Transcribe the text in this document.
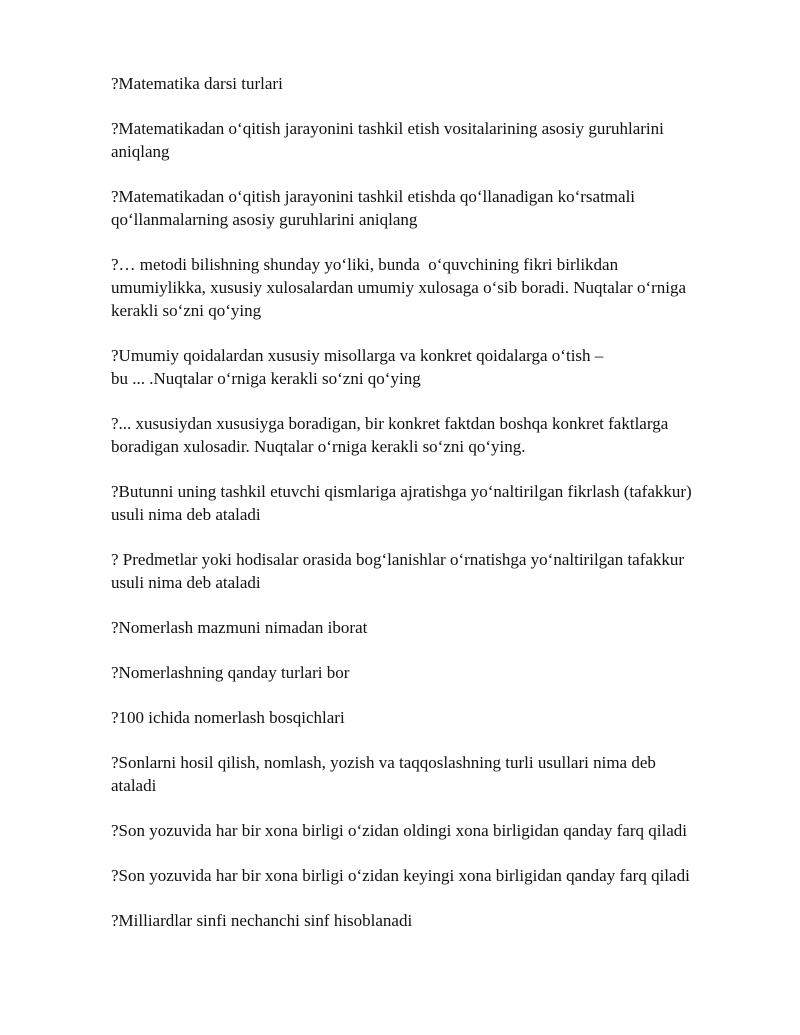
?Matematika darsi turlari

?Matematikadan o‘qitish jarayonini tashkil etish vositalarining asosiy guruhlarini
aniqlang

?Matematikadan o‘qitish jarayonini tashkil etishda qo‘llanadigan ko‘rsatmali
qo‘llanmalarning asosiy guruhlarini aniqlang

?… metodi bilishning shunday yo‘liki, bunda  o‘quvchining fikri birlikdan
umumiylikka, xususiy xulosalardan umumiy xulosaga o‘sib boradi. Nuqtalar o‘rniga
kerakli so‘zni qo‘ying

?Umumiy qoidalardan xususiy misollarga va konkret qoidalarga o‘tish –
bu ... .Nuqtalar o‘rniga kerakli so‘zni qo‘ying

?... xususiydan xususiyga boradigan, bir konkret faktdan boshqa konkret faktlarga
boradigan xulosadir. Nuqtalar o‘rniga kerakli so‘zni qo‘ying.

?Butunni uning tashkil etuvchi qismlariga ajratishga yo‘naltirilgan fikrlash (tafakkur)
usuli nima deb ataladi

? Predmetlar yoki hodisalar orasida bog‘lanishlar o‘rnatishga yo‘naltirilgan tafakkur
usuli nima deb ataladi

?Nomerlash mazmuni nimadan iborat

?Nomerlashning qanday turlari bor

?100 ichida nomerlash bosqichlari

?Sonlarni hosil qilish, nomlash, yozish va taqqoslashning turli usullari nima deb
ataladi

?Son yozuvida har bir xona birligi o‘zidan oldingi xona birligidan qanday farq qiladi

?Son yozuvida har bir xona birligi o‘zidan keyingi xona birligidan qanday farq qiladi

?Milliardlar sinfi nechanchi sinf hisoblanadi
